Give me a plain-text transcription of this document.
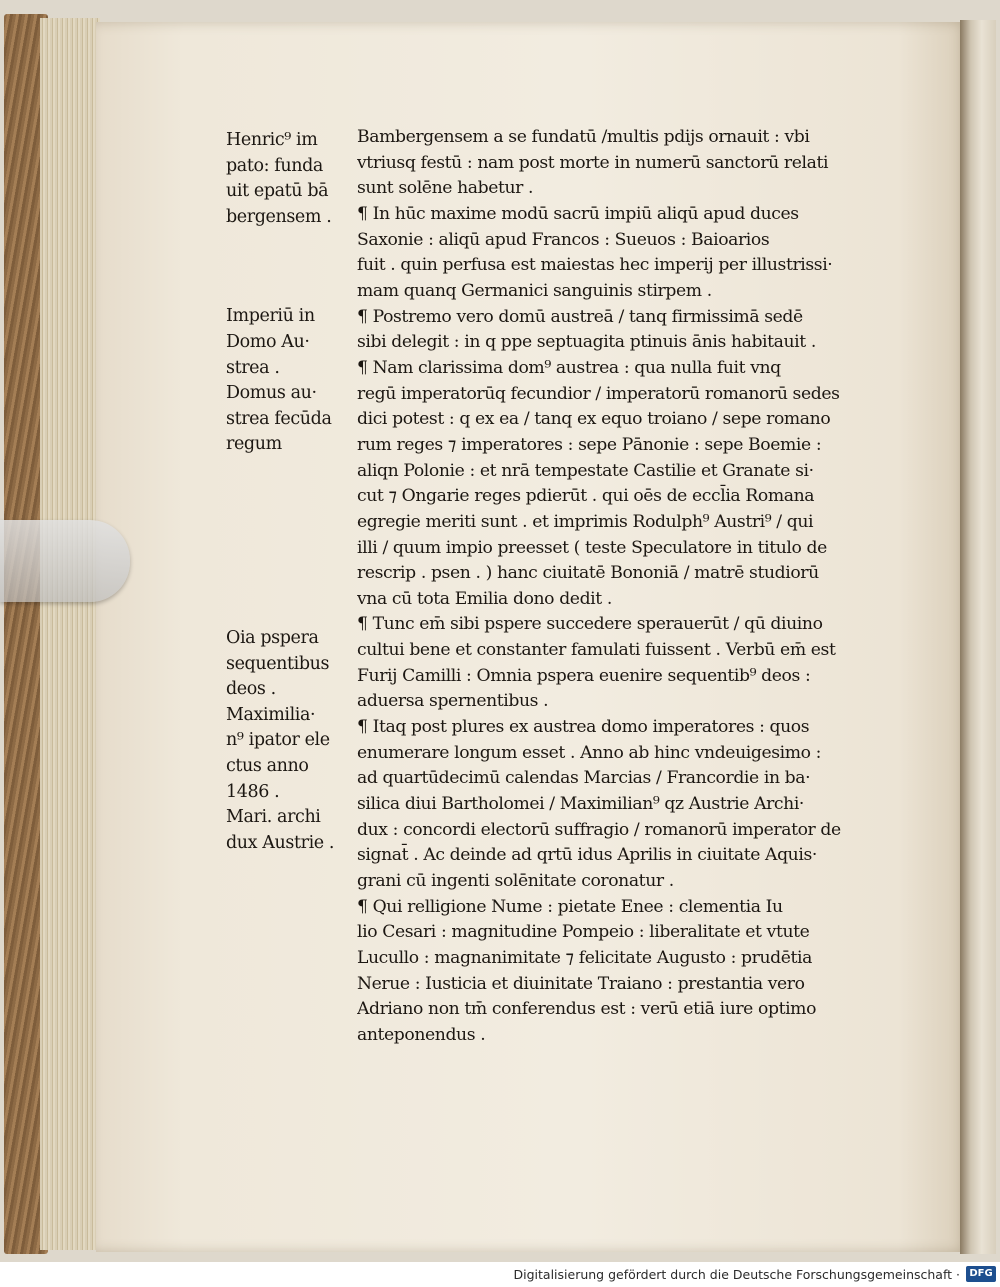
Henric⁹ im
pato: funda
uit epatū bā
bergensem .
Imperiū in
Domo Au·
strea .
Domus au·
strea fecūda
regum
Oia pspera
sequentibus
deos .
Maximilia·
n⁹ ipator ele
ctus anno
1486 .
Mari. archi
dux Austrie .
Bambergensem a se fundatū /multis pdijs ornauit : vbi
vtriusq festū : nam post morte in numerū sanctorū relati
sunt solēne habetur .
¶ In hūc maxime modū sacrū impiū aliqū apud duces
Saxonie : aliqū apud Francos : Sueuos : Baioarios
fuit . quin perfusa est maiestas hec imperij per illustrissi·
mam quanq Germanici sanguinis stirpem .
¶ Postremo vero domū austreā / tanq firmissimā sedē
sibi delegit : in q ppe septuagita ptinuis ānis habitauit .
¶ Nam clarissima dom⁹ austrea : qua nulla fuit vnq
regū imperatorūq fecundior / imperatorū romanorū sedes
dici potest : q ex ea / tanq ex equo troiano / sepe romano
rum reges ⁊ imperatores : sepe Pānonie : sepe Boemie :
aliqn Polonie : et nrā tempestate Castilie et Granate si·
cut ⁊ Ongarie reges pdierūt . qui oēs de eccl̄ia Romana
egregie meriti sunt . et imprimis Rodulph⁹ Austri⁹ / qui
illi / quum impio preesset ( teste Speculatore in titulo de
rescrip . psen . ) hanc ciuitatē Bononiā / matrē studiorū
vna cū tota Emilia dono dedit .
¶ Tunc em̄ sibi pspere succedere sperauerūt / qū diuino
cultui bene et constanter famulati fuissent . Verbū em̄ est
Furij Camilli : Omnia pspera euenire sequentib⁹ deos :
aduersa spernentibus .
¶ Itaq post plures ex austrea domo imperatores : quos
enumerare longum esset . Anno ab hinc vndeuigesimo :
ad quartūdecimū calendas Marcias / Francordie in ba·
silica diui Bartholomei / Maximilian⁹ qz Austrie Archi·
dux : concordi electorū suffragio / romanorū imperator de
signat̄ . Ac deinde ad qrtū idus Aprilis in ciuitate Aquis·
grani cū ingenti solēnitate coronatur .
¶ Qui relligione Nume : pietate Enee : clementia Iu
lio Cesari : magnitudine Pompeio : liberalitate et vtute
Lucullo : magnanimitate ⁊ felicitate Augusto : prudētia
Nerue : Iusticia et diuinitate Traiano : prestantia vero
Adriano non tm̄ conferendus est : verū etiā iure optimo
anteponendus .
Digitalisierung gefördert durch die Deutsche Forschungsgemeinschaft · DFG
